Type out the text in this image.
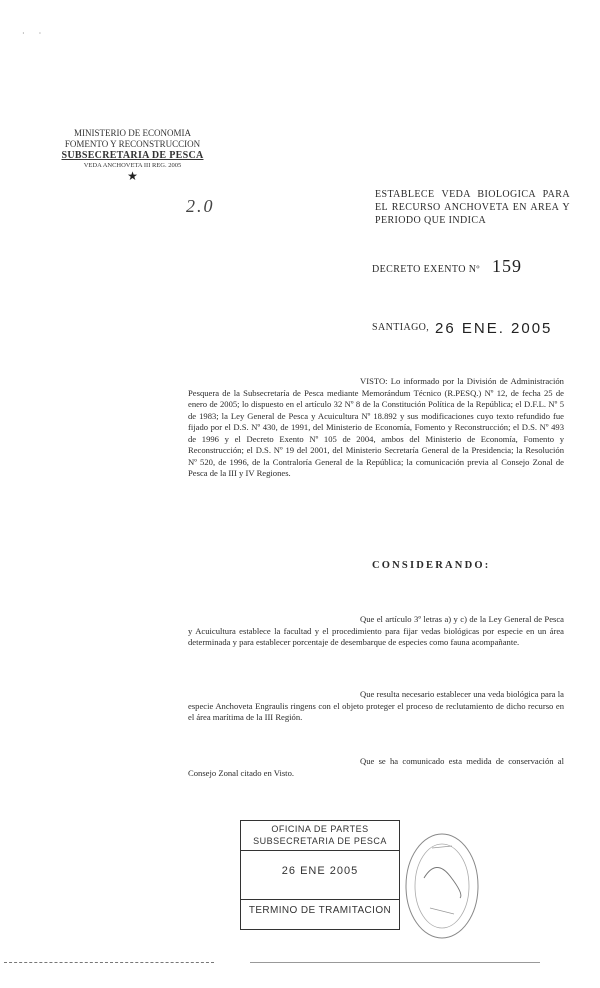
· ·
MINISTERIO DE ECONOMIA
FOMENTO Y RECONSTRUCCION
SUBSECRETARIA DE PESCA
VEDA ANCHOVETA III REG. 2005
★
2.0
ESTABLECE VEDA BIOLOGICA PARA EL RECURSO ANCHOVETA EN AREA Y PERIODO QUE INDICA
DECRETO EXENTO Nº 159
SANTIAGO, 26 ENE. 2005
VISTO: Lo informado por la División de Administración Pesquera de la Subsecretaría de Pesca mediante Memorándum Técnico (R.PESQ.) Nº 12, de fecha 25 de enero de 2005; lo dispuesto en el artículo 32 Nº 8 de la Constitución Política de la República; el D.F.L. Nº 5 de 1983; la Ley General de Pesca y Acuicultura Nº 18.892 y sus modificaciones cuyo texto refundido fue fijado por el D.S. Nº 430, de 1991, del Ministerio de Economía, Fomento y Reconstrucción; el D.S. Nº 493 de 1996 y el Decreto Exento Nº 105 de 2004, ambos del Ministerio de Economía, Fomento y Reconstrucción; el D.S. Nº 19 del 2001, del Ministerio Secretaría General de la Presidencia; la Resolución Nº 520, de 1996, de la Contraloría General de la República; la comunicación previa al Consejo Zonal de Pesca de la III y IV Regiones.
CONSIDERANDO:
Que el artículo 3º letras a) y c) de la Ley General de Pesca y Acuicultura establece la facultad y el procedimiento para fijar vedas biológicas por especie en un área determinada y para establecer porcentaje de desembarque de especies como fauna acompañante.
Que resulta necesario establecer una veda biológica para la especie Anchoveta Engraulis ringens con el objeto proteger el proceso de reclutamiento de dicho recurso en el área marítima de la III Región.
Que se ha comunicado esta medida de conservación al Consejo Zonal citado en Visto.
OFICINA DE PARTES
SUBSECRETARIA DE PESCA
26 ENE 2005
TERMINO DE TRAMITACION
